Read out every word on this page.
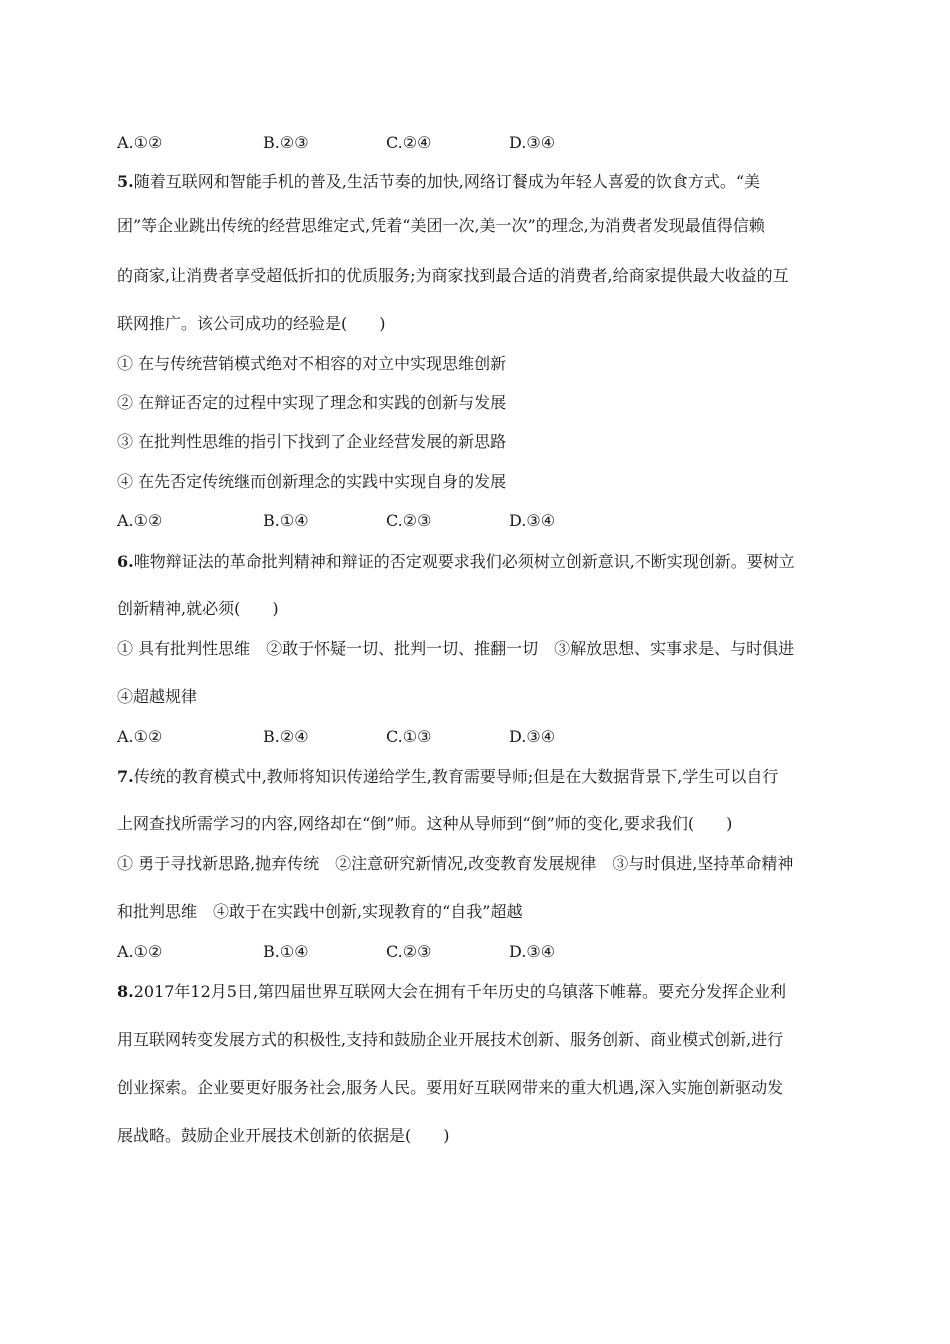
A.①②	B.②③	C.②④	D.③④
5.随着互联网和智能手机的普及,生活节奏的加快,网络订餐成为年轻人喜爱的饮食方式。“美
团”等企业跳出传统的经营思维定式,凭着“美团一次,美一次”的理念,为消费者发现最值得信赖
的商家,让消费者享受超低折扣的优质服务;为商家找到最合适的消费者,给商家提供最大收益的互
联网推广。该公司成功的经验是(　　)
① 在与传统营销模式绝对不相容的对立中实现思维创新
② 在辩证否定的过程中实现了理念和实践的创新与发展
③ 在批判性思维的指引下找到了企业经营发展的新思路
④ 在先否定传统继而创新理念的实践中实现自身的发展
A.①②	B.①④	C.②③	D.③④
6.唯物辩证法的革命批判精神和辩证的否定观要求我们必须树立创新意识,不断实现创新。要树立
创新精神,就必须(　　)
① 具有批判性思维　②敢于怀疑一切、批判一切、推翻一切　③解放思想、实事求是、与时俱进
④超越规律
A.①②	B.②④	C.①③	D.③④
7.传统的教育模式中,教师将知识传递给学生,教育需要导师;但是在大数据背景下,学生可以自行
上网查找所需学习的内容,网络却在“倒”师。这种从导师到“倒”师的变化,要求我们(　　)
① 勇于寻找新思路,抛弃传统　②注意研究新情况,改变教育发展规律　③与时俱进,坚持革命精神
和批判思维　④敢于在实践中创新,实现教育的“自我”超越
A.①②	B.①④	C.②③	D.③④
8.2017年12月5日,第四届世界互联网大会在拥有千年历史的乌镇落下帷幕。要充分发挥企业利
用互联网转变发展方式的积极性,支持和鼓励企业开展技术创新、服务创新、商业模式创新,进行
创业探索。企业要更好服务社会,服务人民。要用好互联网带来的重大机遇,深入实施创新驱动发
展战略。鼓励企业开展技术创新的依据是(　　)
